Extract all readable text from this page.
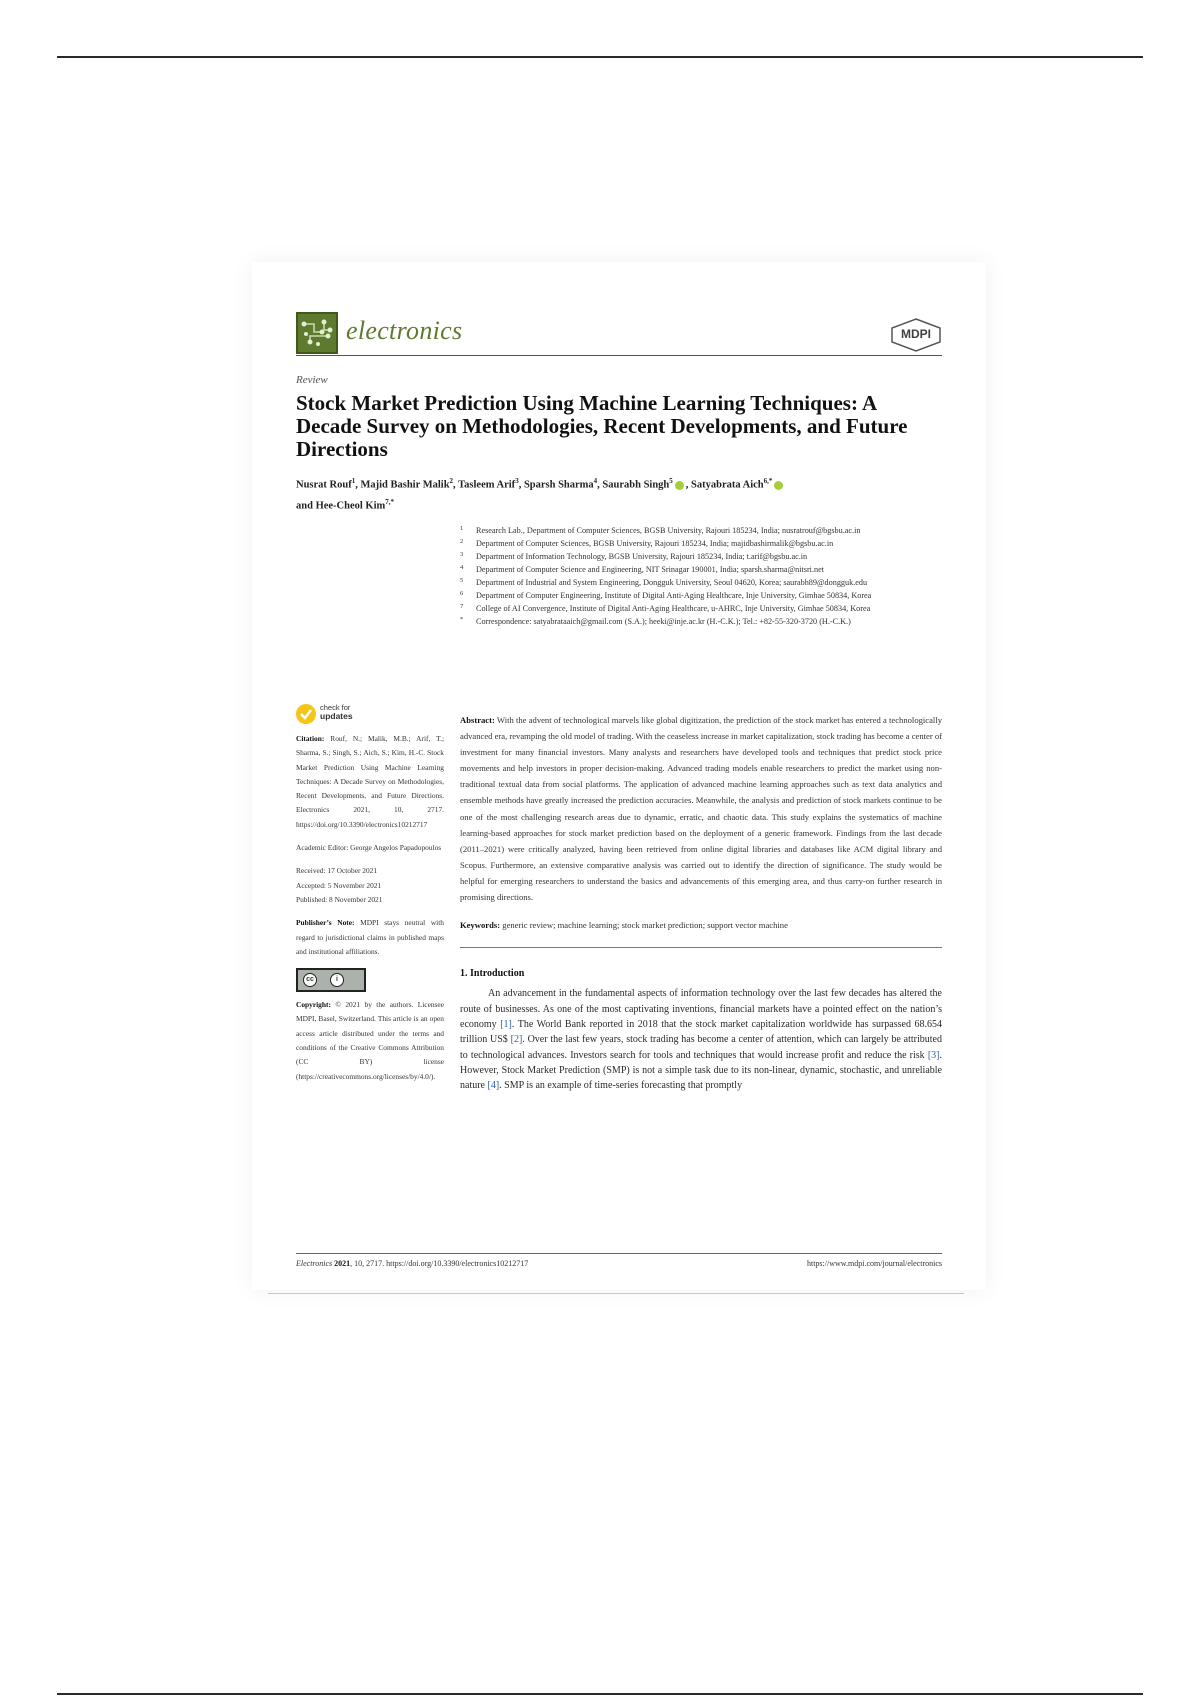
electronics	MDPI
Review
Stock Market Prediction Using Machine Learning Techniques: A Decade Survey on Methodologies, Recent Developments, and Future Directions
Nusrat Rouf$^1$, Majid Bashir Malik$^2$, Tasleem Arif$^3$, Sparsh Sharma$^4$, Saurabh Singh$^5$ , Satyabrata Aich$^{6,*}$
and Hee-Cheol Kim$^{7,*}$
1 Research Lab., Department of Computer Sciences, BGSB University, Rajouri 185234, India; nusratrouf@bgsbu.ac.in
2 Department of Computer Sciences, BGSB University, Rajouri 185234, India; majidbashirmalik@bgsbu.ac.in
3 Department of Information Technology, BGSB University, Rajouri 185234, India; t.arif@bgsbu.ac.in
4 Department of Computer Science and Engineering, NIT Srinagar 190001, India; sparsh.sharma@nitsri.net
5 Department of Industrial and System Engineering, Dongguk University, Seoul 04620, Korea; saurabh89@dongguk.edu
6 Department of Computer Engineering, Institute of Digital Anti-Aging Healthcare, Inje University, Gimhae 50834, Korea
7 College of AI Convergence, Institute of Digital Anti-Aging Healthcare, u-AHRC, Inje University, Gimhae 50834, Korea
* Correspondence: satyabrataaich@gmail.com (S.A.); heeki@inje.ac.kr (H.-C.K.); Tel.: +82-55-320-3720 (H.-C.K.)
check for
updates
Citation: Rouf, N.; Malik, M.B.; Arif, T.; Sharma, S.; Singh, S.; Aich, S.; Kim, H.-C. Stock Market Prediction Using Machine Learning Techniques: A Decade Survey on Methodologies, Recent Developments, and Future Directions. Electronics 2021, 10, 2717. https://doi.org/10.3390/electronics10212717
Academic Editor: George Angelos Papadopoulos
Received: 17 October 2021
Accepted: 5 November 2021
Published: 8 November 2021
Publisher’s Note: MDPI stays neutral with regard to jurisdictional claims in published maps and institutional affiliations.
cc	i
Copyright: © 2021 by the authors. Licensee MDPI, Basel, Switzerland. This article is an open access article distributed under the terms and conditions of the Creative Commons Attribution (CC BY) license (https://creativecommons.org/licenses/by/4.0/).
Abstract: With the advent of technological marvels like global digitization, the prediction of the stock market has entered a technologically advanced era, revamping the old model of trading. With the ceaseless increase in market capitalization, stock trading has become a center of investment for many financial investors. Many analysts and researchers have developed tools and techniques that predict stock price movements and help investors in proper decision-making. Advanced trading models enable researchers to predict the market using non-traditional textual data from social platforms. The application of advanced machine learning approaches such as text data analytics and ensemble methods have greatly increased the prediction accuracies. Meanwhile, the analysis and prediction of stock markets continue to be one of the most challenging research areas due to dynamic, erratic, and chaotic data. This study explains the systematics of machine learning-based approaches for stock market prediction based on the deployment of a generic framework. Findings from the last decade (2011–2021) were critically analyzed, having been retrieved from online digital libraries and databases like ACM digital library and Scopus. Furthermore, an extensive comparative analysis was carried out to identify the direction of significance. The study would be helpful for emerging researchers to understand the basics and advancements of this emerging area, and thus carry-on further research in promising directions.
Keywords: generic review; machine learning; stock market prediction; support vector machine
1. Introduction

An advancement in the fundamental aspects of information technology over the last few decades has altered the route of businesses. As one of the most captivating inventions, financial markets have a pointed effect on the nation’s economy [1]. The World Bank reported in 2018 that the stock market capitalization worldwide has surpassed 68.654 trillion US$ [2]. Over the last few years, stock trading has become a center of attention, which can largely be attributed to technological advances. Investors search for tools and techniques that would increase profit and reduce the risk [3]. However, Stock Market Prediction (SMP) is not a simple task due to its non-linear, dynamic, stochastic, and unreliable nature [4]. SMP is an example of time-series forecasting that promptly

Electronics 2021, 10, 2717. https://doi.org/10.3390/electronics10212717	https://www.mdpi.com/journal/electronics
